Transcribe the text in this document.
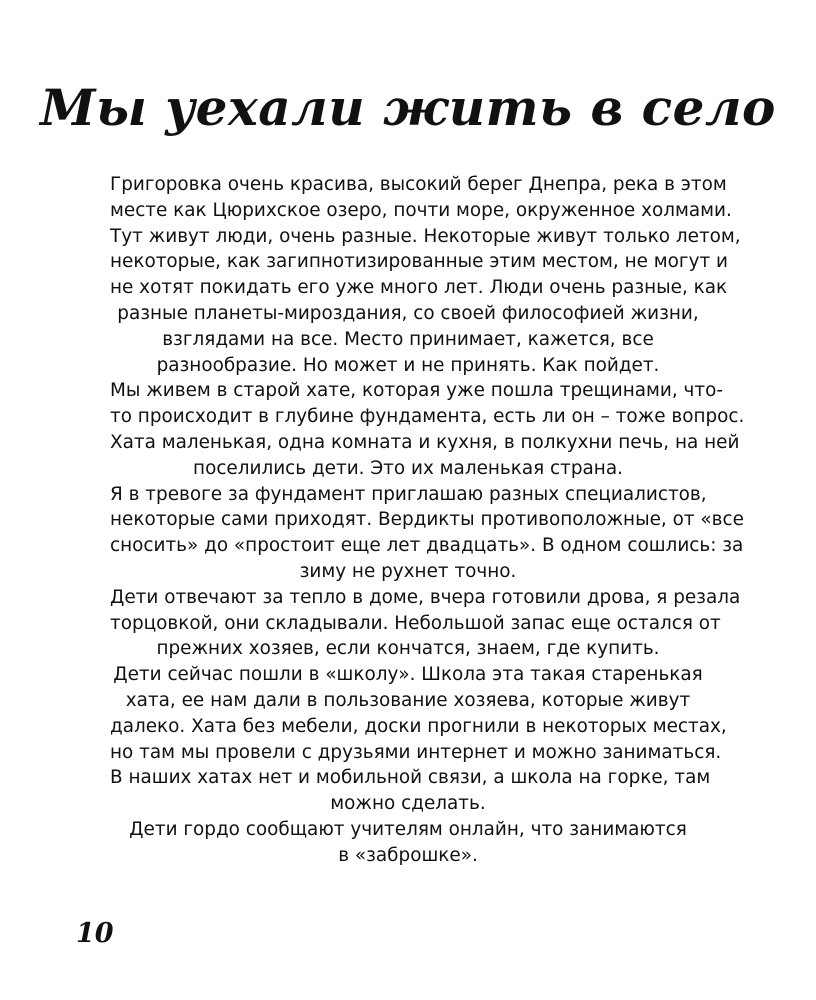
Мы уехали жить в село
Григоровка очень красива, высокий берег Днепра, река в этом
месте как Цюрихское озеро, почти море, окруженное холмами.
Тут живут люди, очень разные. Некоторые живут только летом,
некоторые, как загипнотизированные этим местом, не могут и
не хотят покидать его уже много лет. Люди очень разные, как
разные планеты-мироздания, со своей философией жизни,
взглядами на все. Место принимает, кажется, все
разнообразие. Но может и не принять. Как пойдет.
Мы живем в старой хате, которая уже пошла трещинами, что-
то происходит в глубине фундамента, есть ли он – тоже вопрос.
Хата маленькая, одна комната и кухня, в полкухни печь, на ней
поселились дети. Это их маленькая страна.
Я в тревоге за фундамент приглашаю разных специалистов,
некоторые сами приходят. Вердикты противоположные, от «все
сносить» до «простоит еще лет двадцать». В одном сошлись: за
зиму не рухнет точно.
Дети отвечают за тепло в доме, вчера готовили дрова, я резала
торцовкой, они складывали. Небольшой запас еще остался от
прежних хозяев, если кончатся, знаем, где купить.
Дети сейчас пошли в «школу». Школа эта такая старенькая
хата, ее нам дали в пользование хозяева, которые живут
далеко. Хата без мебели, доски прогнили в некоторых местах,
но там мы провели с друзьями интернет и можно заниматься.
В наших хатах нет и мобильной связи, а школа на горке, там
можно сделать.
Дети гордо сообщают учителям онлайн, что занимаются
в «заброшке».
10
